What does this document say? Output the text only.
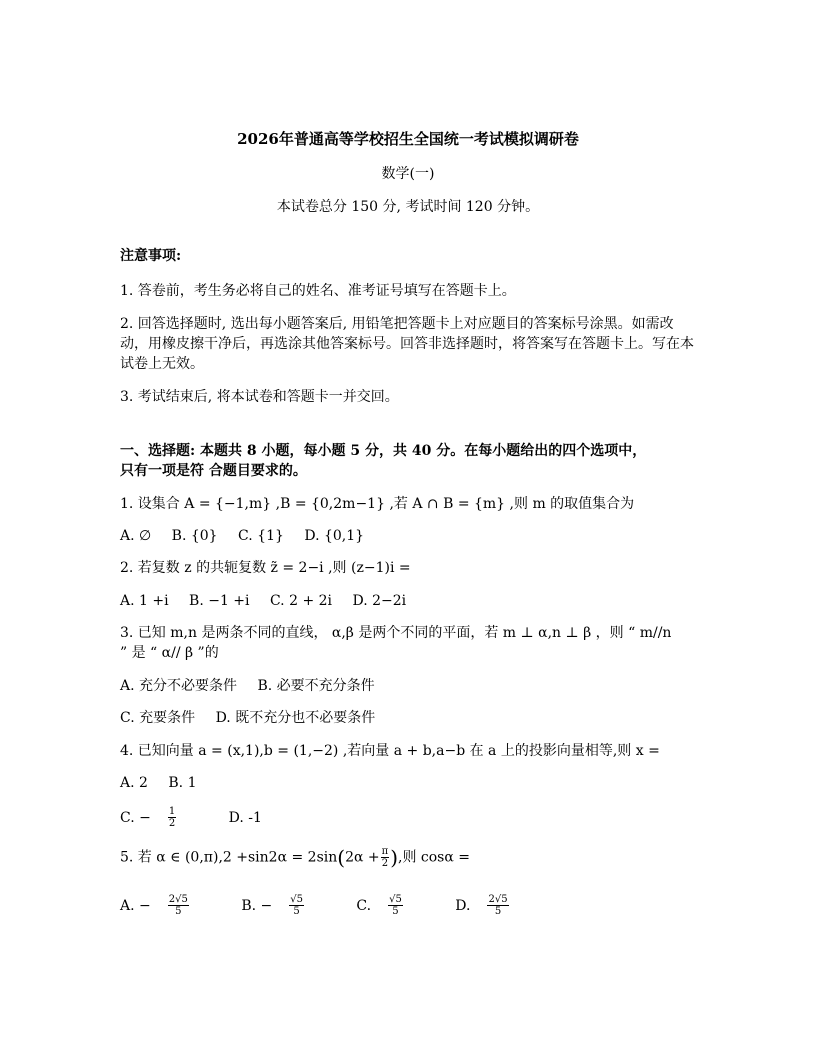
2026年普通高等学校招生全国统一考试模拟调研卷
数学(一)
本试卷总分 150 分, 考试时间 120 分钟。
注意事项:
1. 答卷前，考生务必将自己的姓名、准考证号填写在答题卡上。
2. 回答选择题时, 选出每小题答案后, 用铅笔把答题卡上对应题目的答案标号涂黑。如需改动，用橡皮擦干净后，再选涂其他答案标号。回答非选择题时，将答案写在答题卡上。写在本试卷上无效。
3. 考试结束后, 将本试卷和答题卡一并交回。
一、选择题: 本题共 8 小题，每小题 5 分，共 40 分。在每小题给出的四个选项中，
只有一项是符 合题目要求的。
1. 设集合 A = {−1,m} ,B = {0,2m−1} ,若 A ∩ B = {m} ,则 m 的取值集合为
A. ∅ B. {0} C. {1} D. {0,1}
2. 若复数 z 的共轭复数 z̃ = 2−i ,则 (z−1)i =
A. 1 +i B. −1 +i C. 2 + 2i D. 2−2i
3. 已知 m,n 是两条不同的直线， α,β 是两个不同的平面，若 m ⊥ α,n ⊥ β ，则 “ m//n
” 是 “ α// β ”的
A. 充分不必要条件 B. 必要不充分条件
C. 充要条件 D. 既不充分也不必要条件
4. 已知向量 a = (x,1),b = (1,−2) ,若向量 a + b,a−b 在 a 上的投影向量相等,则 x =
A. 2 B. 1
C. − $\frac{1}{2}$	D. -1
5. 若 α ∈ $(0,\pi),2 +\sin 2\alpha = 2\sin(2\alpha + \frac{\pi}{2}$ ),则 cosα =
A. − $\frac{2√5}{5}$	B. − $\frac{√5}{5}$	C. $\frac{√5}{5}$	D. $\frac{2√5}{5}$
